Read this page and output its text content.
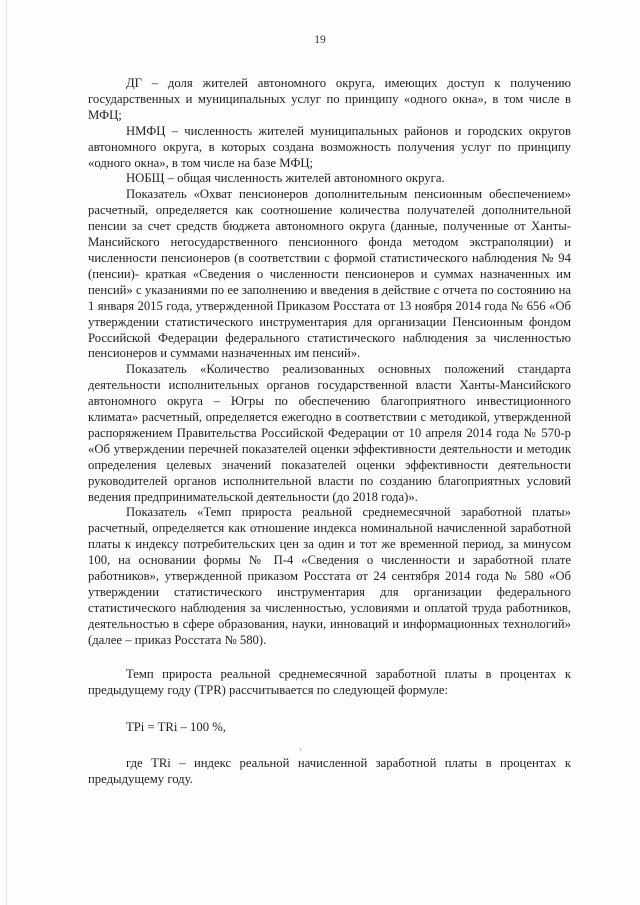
19

ДГ – доля жителей автономного округа, имеющих доступ к получению государственных и муниципальных услуг по принципу «одного окна», в том числе в МФЦ;

НМФЦ – численность жителей муниципальных районов и городских округов автономного округа, в которых создана возможность получения услуг по принципу «одного окна», в том числе на базе МФЦ;

НОБЩ – общая численность жителей автономного округа.

Показатель «Охват пенсионеров дополнительным пенсионным обеспечением» расчетный, определяется как соотношение количества получателей дополнительной пенсии за счет средств бюджета автономного округа (данные, полученные от Ханты-Мансийского негосударственного пенсионного фонда методом экстраполяции) и численности пенсионеров (в соответствии с формой статистического наблюдения № 94 (пенсии)- краткая «Сведения о численности пенсионеров и суммах назначенных им пенсий» с указаниями по ее заполнению и введения в действие с отчета по состоянию на 1 января 2015 года, утвержденной Приказом Росстата от 13 ноября 2014 года № 656 «Об утверждении статистического инструментария для организации Пенсионным фондом Российской Федерации федерального статистического наблюдения за численностью пенсионеров и суммами назначенных им пенсий».

Показатель «Количество реализованных основных положений стандарта деятельности исполнительных органов государственной власти Ханты-Мансийского автономного округа – Югры по обеспечению благоприятного инвестиционного климата» расчетный, определяется ежегодно в соответствии с методикой, утвержденной распоряжением Правительства Российской Федерации от 10 апреля 2014 года № 570-р «Об утверждении перечней показателей оценки эффективности деятельности и методик определения целевых значений показателей оценки эффективности деятельности руководителей органов исполнительной власти по созданию благоприятных условий ведения предпринимательской деятельности (до 2018 года)».

Показатель «Темп прироста реальной среднемесячной заработной платы» расчетный, определяется как отношение индекса номинальной начисленной заработной платы к индексу потребительских цен за один и тот же временной период, за минусом 100, на основании формы № П-4 «Сведения о численности и заработной плате работников», утвержденной приказом Росстата от 24 сентября 2014 года № 580 «Об утверждении статистического инструментария для организации федерального статистического наблюдения за численностью, условиями и оплатой труда работников, деятельностью в сфере образования, науки, инноваций и информационных технологий» (далее – приказ Росстата № 580).

Темп прироста реальной среднемесячной заработной платы в процентах к предыдущему году (TPR) рассчитывается по следующей формуле:

TPi = TRi – 100 %,

где TRi – индекс реальной начисленной заработной платы в процентах к предыдущему году.
